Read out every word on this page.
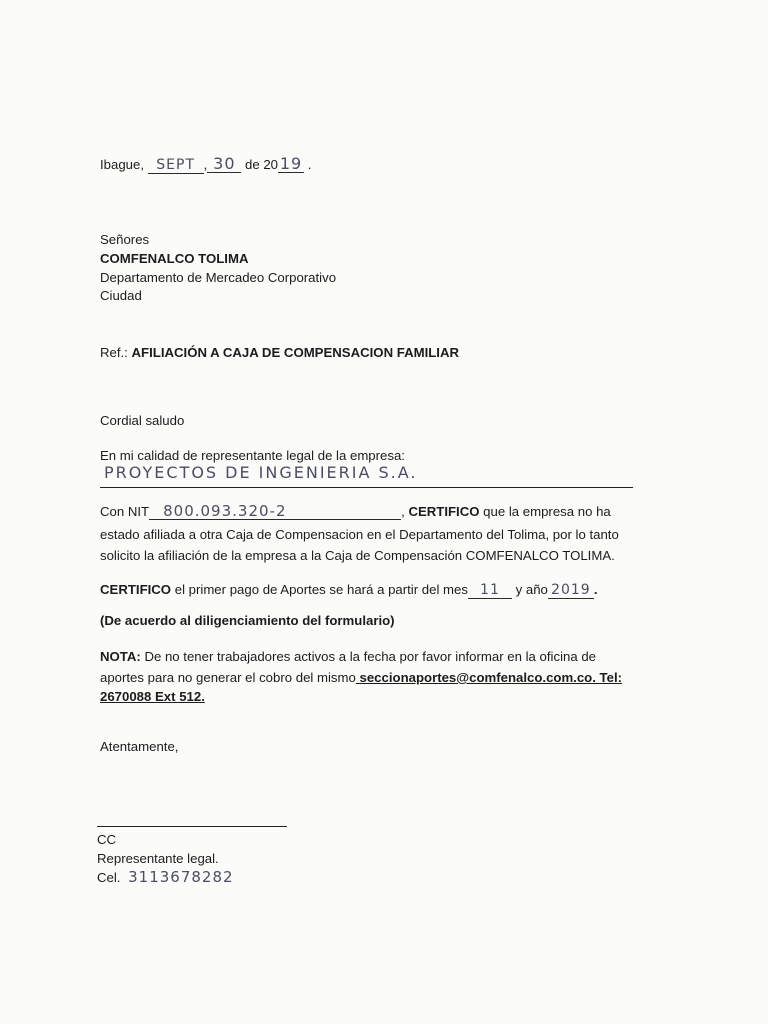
Ibague, SEPT , 30 de 20 19 .
Señores
COMFENALCO TOLIMA
Departamento de Mercadeo Corporativo
Ciudad
Ref.: AFILIACIÓN A CAJA DE COMPENSACION FAMILIAR
Cordial saludo
En mi calidad de representante legal de la empresa:
PROYECTOS DE INGENIERIA S.A.
Con NIT 800.093.320-2	, CERTIFICO que la empresa no ha
estado afiliada a otra Caja de Compensacion en el Departamento del Tolima, por lo tanto
solicito la afiliación de la empresa a la Caja de Compensación COMFENALCO TOLIMA.
CERTIFICO el primer pago de Aportes se hará a partir del mes 11 y año 2019 .
(De acuerdo al diligenciamiento del formulario)
NOTA: De no tener trabajadores activos a la fecha por favor informar en la oficina de
aportes para no generar el cobro del mismo seccionaportes@comfenalco.com.co. Tel:
2670088 Ext 512.
Atentamente,
CC
Representante legal.
Cel. 3113678282
